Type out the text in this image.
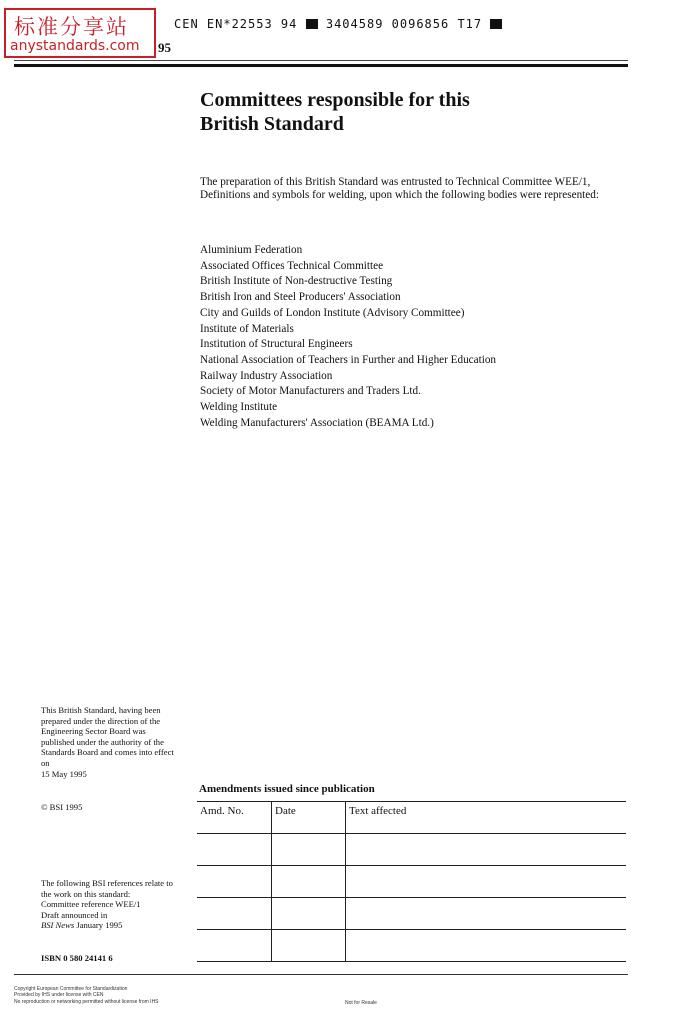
标准分享站
anystandards.com 95
CEN EN*22553 94 3404589 0096856 T17
Committees responsible for this
British Standard
The preparation of this British Standard was entrusted to Technical Committee WEE/1, Definitions and symbols for welding, upon which the following bodies were represented:
Aluminium Federation
Associated Offices Technical Committee
British Institute of Non-destructive Testing
British Iron and Steel Producers' Association
City and Guilds of London Institute (Advisory Committee)
Institute of Materials
Institution of Structural Engineers
National Association of Teachers in Further and Higher Education
Railway Industry Association
Society of Motor Manufacturers and Traders Ltd.
Welding Institute
Welding Manufacturers' Association (BEAMA Ltd.)
This British Standard, having been prepared under the direction of the Engineering Sector Board was published under the authority of the Standards Board and comes into effect on
15 May 1995
© BSI 1995
The following BSI references relate to the work on this standard:
Committee reference WEE/1
Draft announced in
BSI News January 1995
ISBN 0 580 24141 6
Amendments issued since publication
Amd. No.	Date	Text affected

Copyright European Committee for Standardization
Provided by IHS under license with CEN
No reproduction or networking permitted without license from IHS	Not for Resale
